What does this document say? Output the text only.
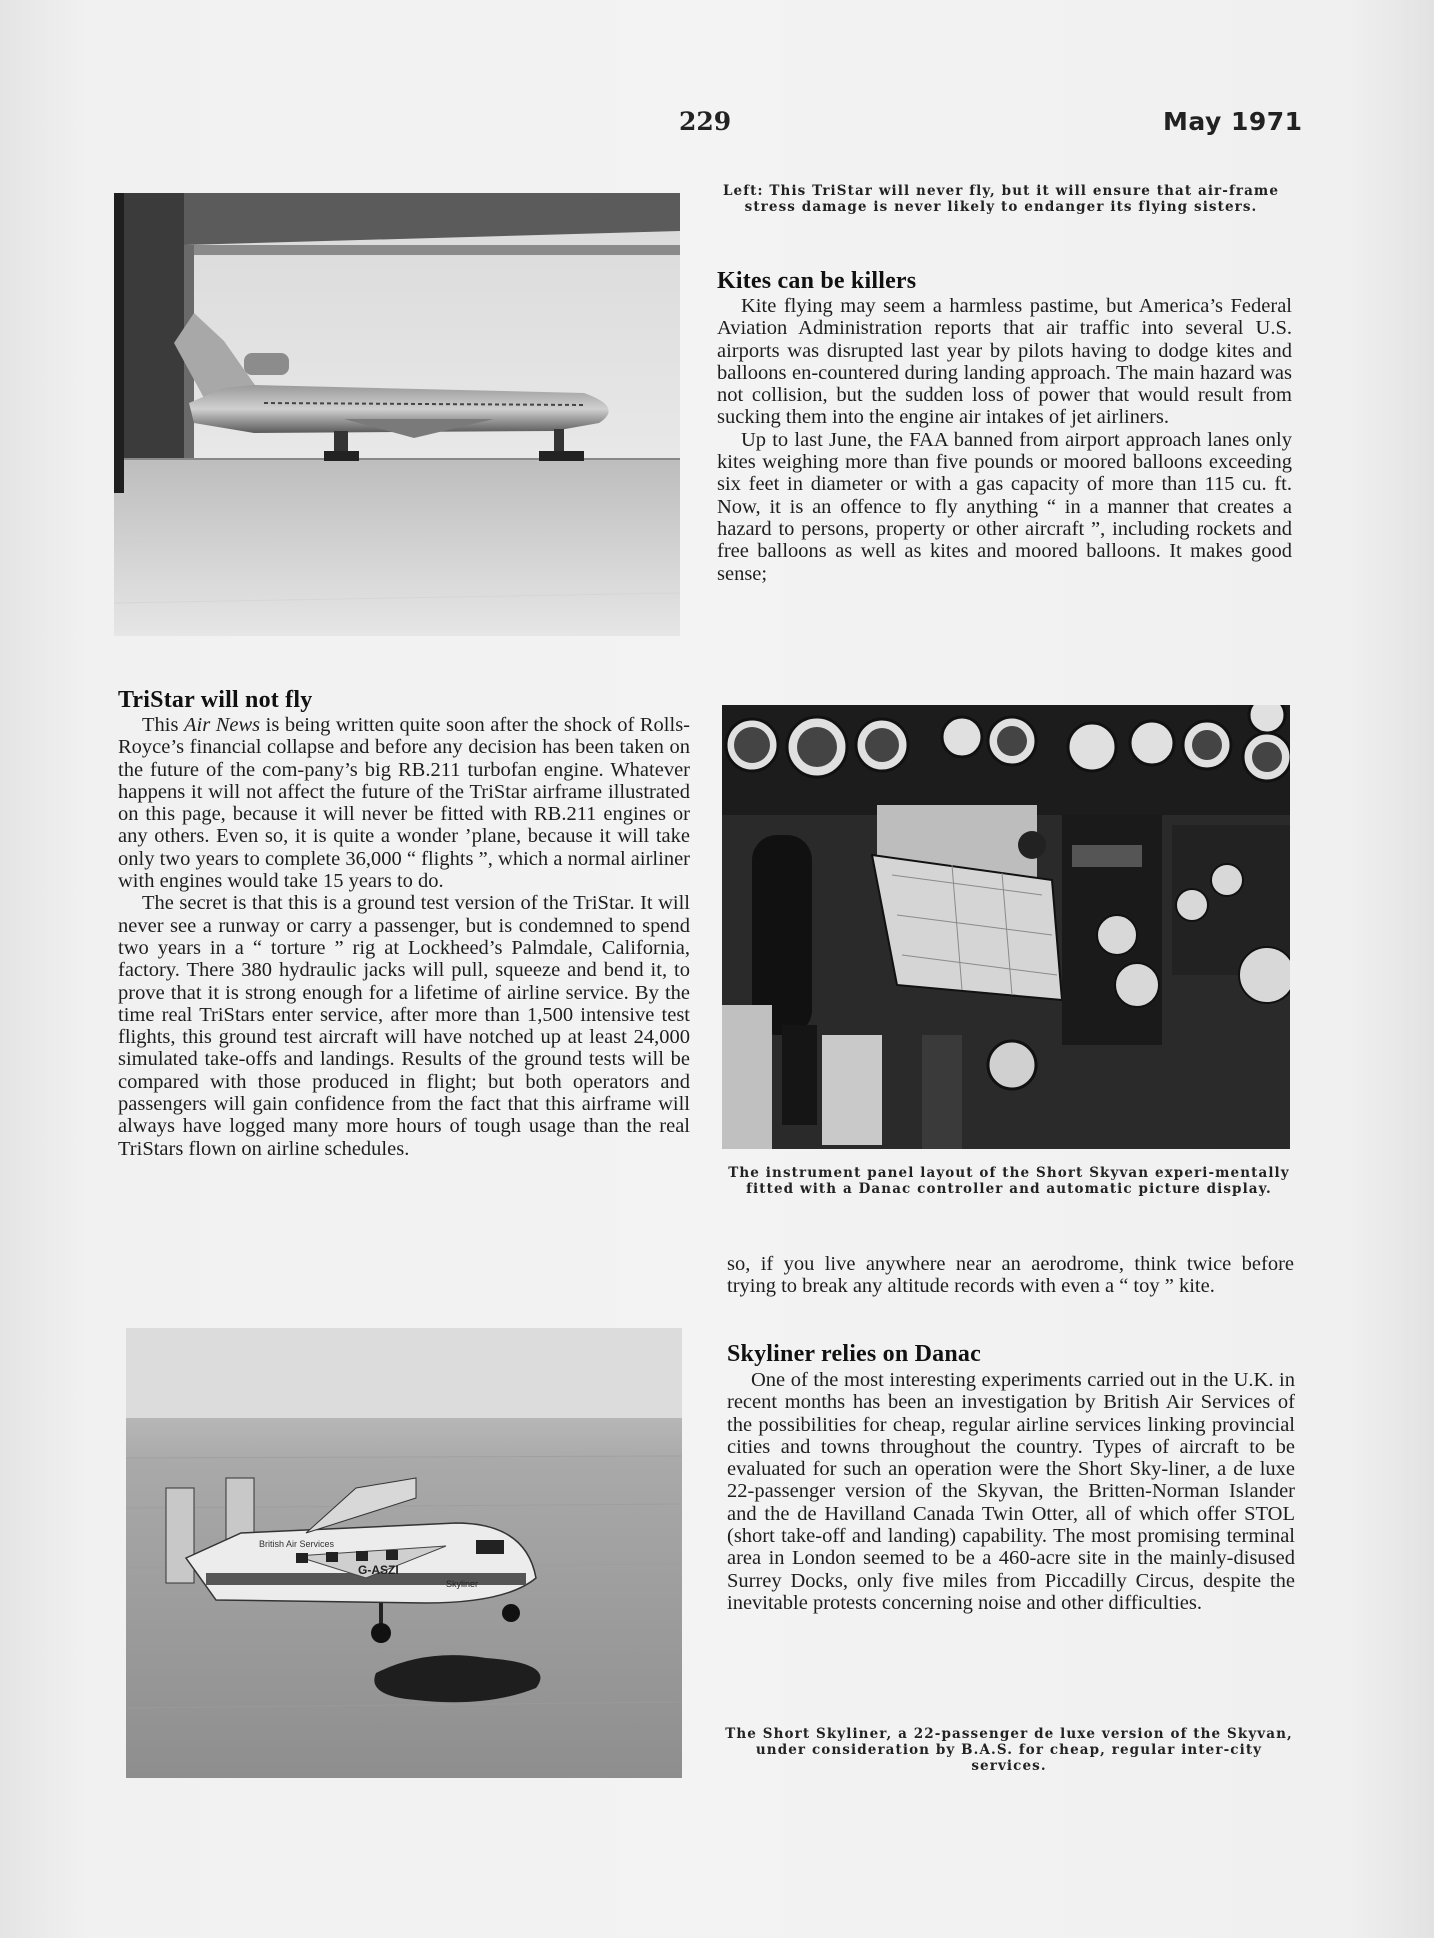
229	May 1971
Left: This TriStar will never fly, but it will ensure that air-frame stress damage is never likely to endanger its flying sisters.
Kites can be killers

Kite flying may seem a harmless pastime, but America’s Federal Aviation Administration reports that air traffic into several U.S. airports was disrupted last year by pilots having to dodge kites and balloons en-countered during landing approach. The main hazard was not collision, but the sudden loss of power that would result from sucking them into the engine air intakes of jet airliners.

Up to last June, the FAA banned from airport approach lanes only kites weighing more than five pounds or moored balloons exceeding six feet in diameter or with a gas capacity of more than 115 cu. ft. Now, it is an offence to fly anything “ in a manner that creates a hazard to persons, property or other aircraft ”, including rockets and free balloons as well as kites and moored balloons. It makes good sense;

TriStar will not fly

This Air News is being written quite soon after the shock of Rolls-Royce’s financial collapse and before any decision has been taken on the future of the com-pany’s big RB.211 turbofan engine. Whatever happens it will not affect the future of the TriStar airframe illustrated on this page, because it will never be fitted with RB.211 engines or any others. Even so, it is quite a wonder ’plane, because it will take only two years to complete 36,000 “ flights ”, which a normal airliner with engines would take 15 years to do.

The secret is that this is a ground test version of the TriStar. It will never see a runway or carry a passenger, but is condemned to spend two years in a “ torture ” rig at Lockheed’s Palmdale, California, factory. There 380 hydraulic jacks will pull, squeeze and bend it, to prove that it is strong enough for a lifetime of airline service. By the time real TriStars enter service, after more than 1,500 intensive test flights, this ground test aircraft will have notched up at least 24,000 simulated take-offs and landings. Results of the ground tests will be compared with those produced in flight; but both operators and passengers will gain confidence from the fact that this airframe will always have logged many more hours of tough usage than the real TriStars flown on airline schedules.

The instrument panel layout of the Short Skyvan experi-mentally fitted with a Danac controller and automatic picture display.

so, if you live anywhere near an aerodrome, think twice before trying to break any altitude records with even a “ toy ” kite.

British Air Services
G-ASZI
Skyliner
Skyliner relies on Danac

One of the most interesting experiments carried out in the U.K. in recent months has been an investigation by British Air Services of the possibilities for cheap, regular airline services linking provincial cities and towns throughout the country. Types of aircraft to be evaluated for such an operation were the Short Sky-liner, a de luxe 22-passenger version of the Skyvan, the Britten-Norman Islander and the de Havilland Canada Twin Otter, all of which offer STOL (short take-off and landing) capability. The most promising terminal area in London seemed to be a 460-acre site in the mainly-disused Surrey Docks, only five miles from Piccadilly Circus, despite the inevitable protests concerning noise and other difficulties.

The Short Skyliner, a 22-passenger de luxe version of the Skyvan, under consideration by B.A.S. for cheap, regular inter-city services.
